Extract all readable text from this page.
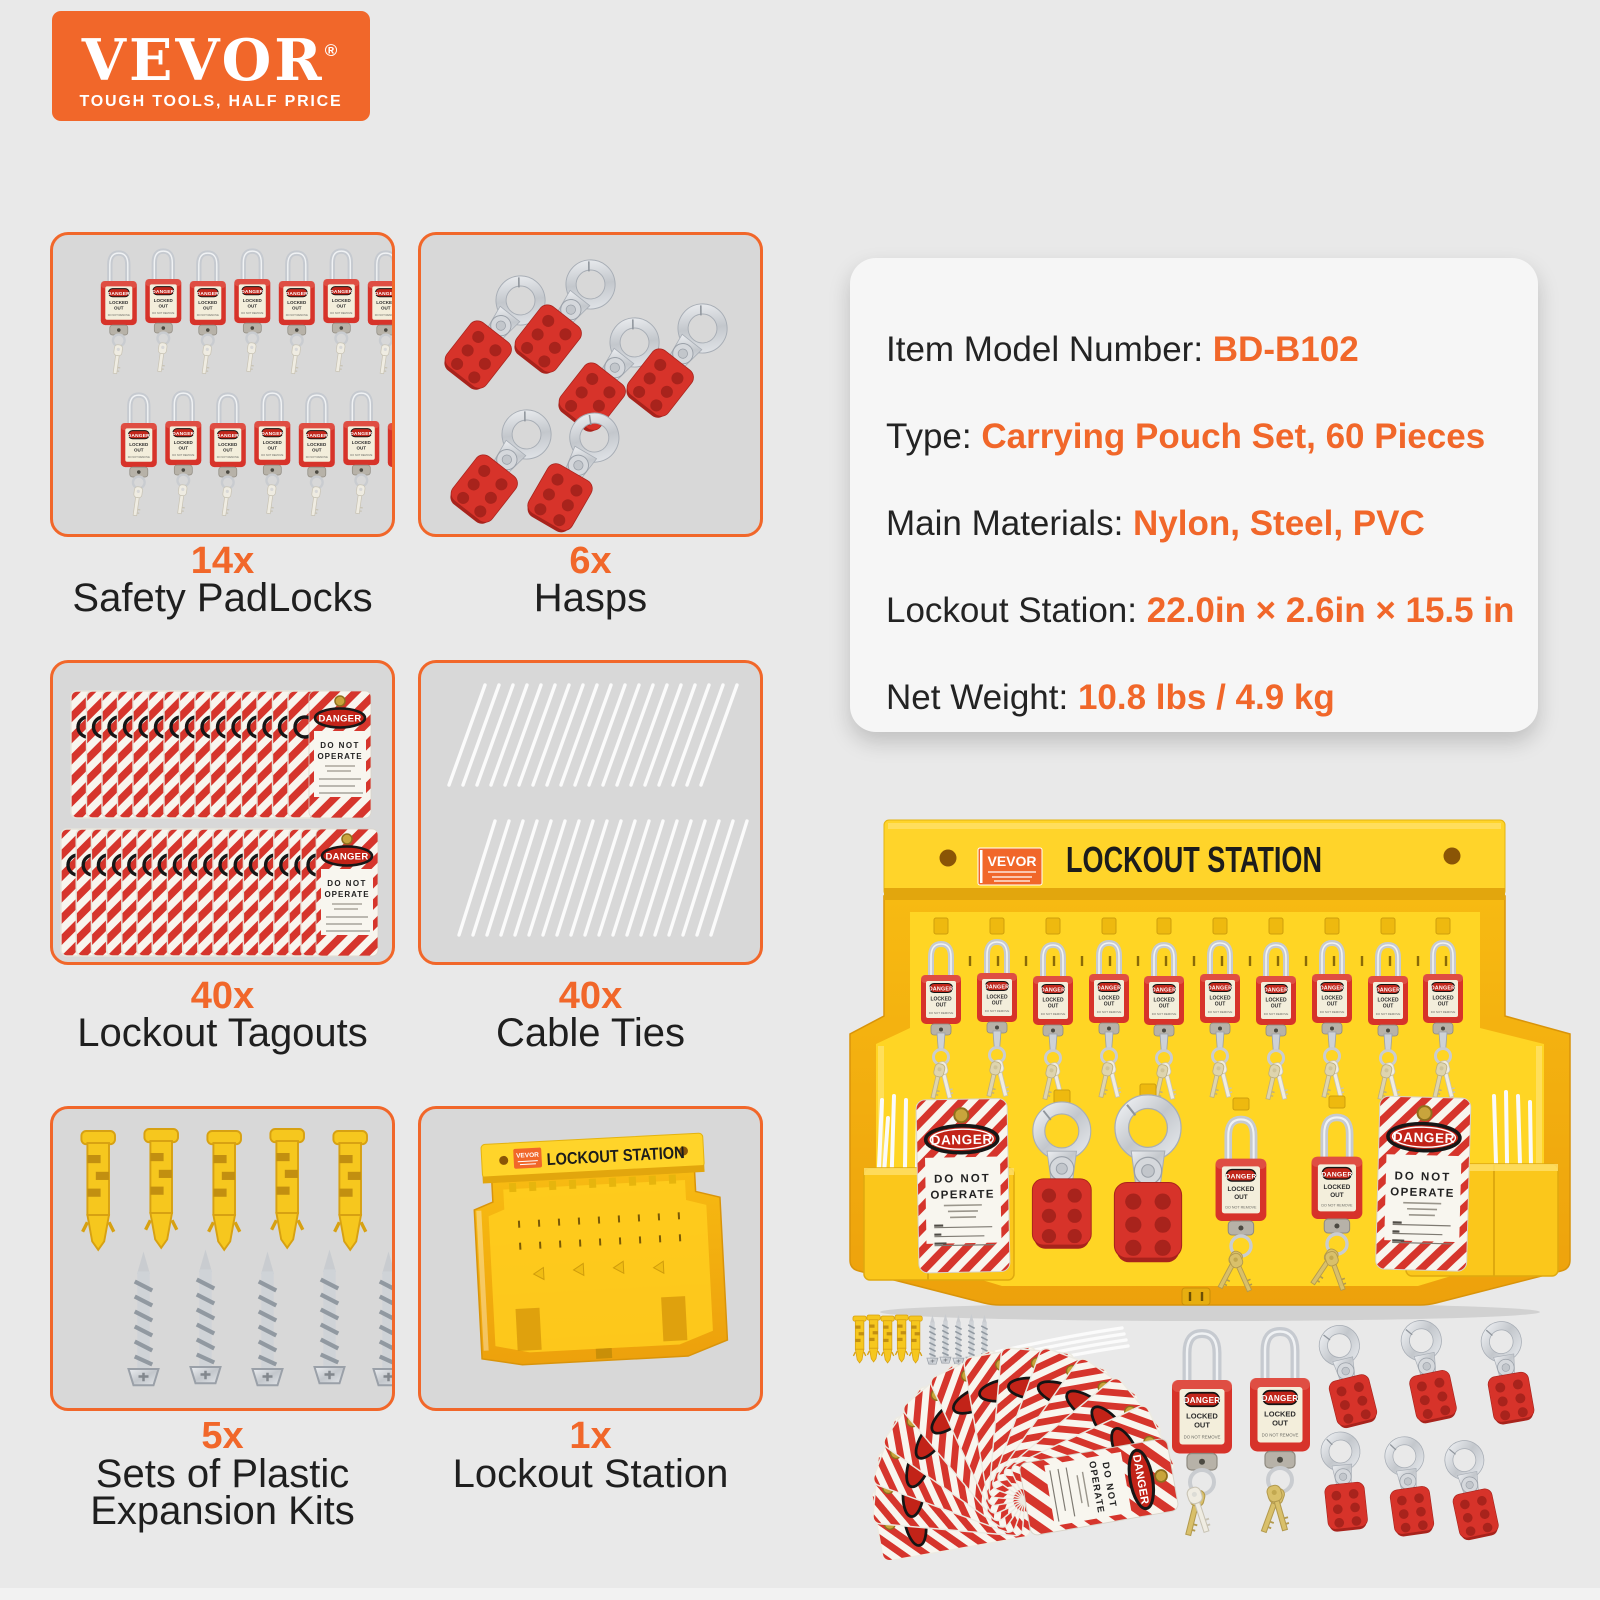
VEVOR®
TOUGH TOOLS, HALF PRICE
14x
Safety PadLocks
6x
Hasps
40x
Lockout Tagouts
40x
Cable Ties
5x
Sets of Plastic
Expansion Kits
VEVOR LOCKOUT STATION
1x
Lockout Station
Item Model Number: BD-B102
Type: Carrying Pouch Set, 60 Pieces
Main Materials: Nylon, Steel, PVC
Lockout Station: 22.0in × 2.6in × 15.5 in
Net Weight: 10.8 lbs / 4.9 kg
VEVOR LOCKOUT STATION
